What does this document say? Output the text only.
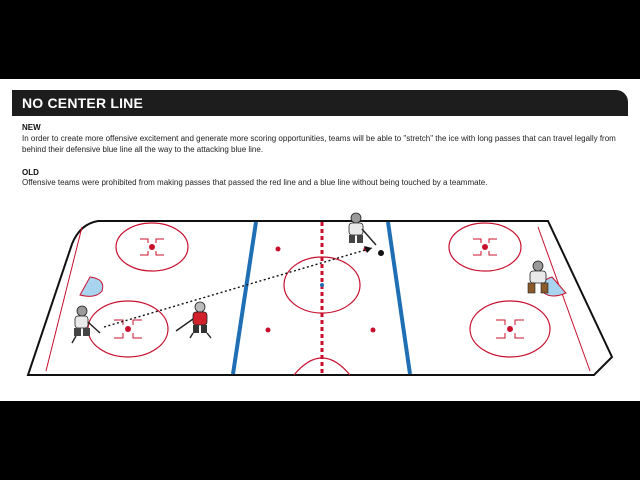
NO CENTER LINE
NEW
In order to create more offensive excitement and generate more scoring opportunities, teams will be able to "stretch" the ice with long passes that can travel legally from behind their defensive blue line all the way to the attacking blue line.
OLD
Offensive teams were prohibited from making passes that passed the red line and a blue line without being touched by a teammate.
